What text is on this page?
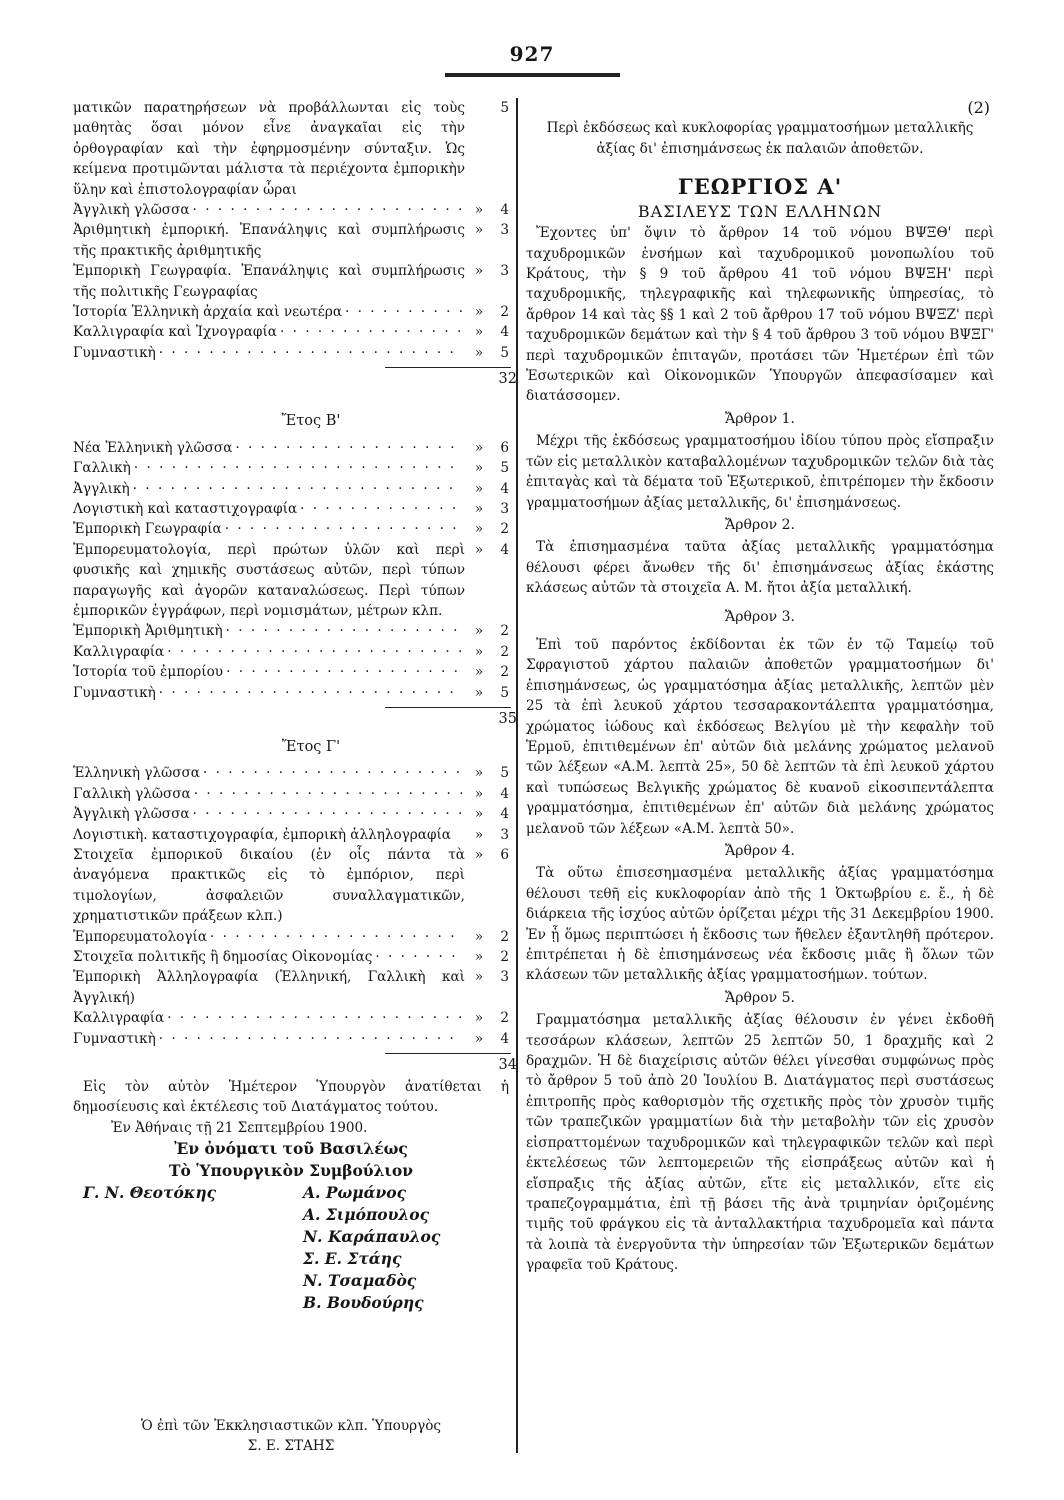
927
ματικῶν παρατηρήσεων νὰ προβάλλωνται εἰς τοὺς μαθητὰς ὅσαι μόνον εἶνε ἀναγκαῖαι εἰς τὴν ὀρθογραφίαν καὶ τὴν ἐφηρμοσμένην σύνταξιν. Ὡς κείμενα προτιμῶνται μάλιστα τὰ περιέχοντα ἐμπορικὴν ὕλην καὶ ἐπιστολογραφίαν ὧραι
5
Ἀγγλικὴ γλῶσσα · · ·	»	4
Ἀριθμητικὴ ἐμπορική. Ἐπανάληψις καὶ συμπλήρωσις τῆς πρακτικῆς ἀριθμητικῆς
»	3
Ἐμπορικὴ Γεωγραφία. Ἐπανάληψις καὶ συμπλήρωσις τῆς πολιτικῆς Γεωγραφίας
»	3
Ἱστορία Ἑλληνικὴ ἀρχαία καὶ νεωτέρα · · ·	»	2
Καλλιγραφία καὶ Ἰχνογραφία · · ·	»	4
Γυμναστικὴ · · ·	»	5
32
Ἔτος Β'
Νέα Ἑλληνικὴ γλῶσσα · · ·	»	6
Γαλλικὴ · · ·	»	5
Ἀγγλικὴ · · ·	»	4
Λογιστικὴ καὶ καταστιχογραφία · · ·	»	3
Ἐμπορικὴ Γεωγραφία · · ·	»	2
Ἐμπορευματολογία, περὶ πρώτων ὑλῶν καὶ περὶ φυσικῆς καὶ χημικῆς συστάσεως αὐτῶν, περὶ τύπων παραγωγῆς καὶ ἀγορῶν καταναλώσεως. Περὶ τύπων ἐμπορικῶν ἐγγράφων, περὶ νομισμάτων, μέτρων κλπ.
»	4
Ἐμπορικὴ Ἀριθμητικὴ · · ·	»	2
Καλλιγραφία · · ·	»	2
Ἱστορία τοῦ ἐμπορίου · · ·	»	2
Γυμναστικὴ · · ·	»	5
35
Ἔτος Γ'
Ἑλληνικὴ γλῶσσα · · ·	»	5
Γαλλικὴ γλῶσσα · · ·	»	4
Ἀγγλικὴ γλῶσσα · · ·	»	4
Λογιστικὴ. καταστιχογραφία, ἐμπορικὴ ἀλληλογραφία	»	3
Στοιχεῖα ἐμπορικοῦ δικαίου (ἐν οἷς πάντα τὰ ἀναγόμενα πρακτικῶς εἰς τὸ ἐμπόριον, περὶ τιμολογίων, ἀσφαλειῶν συναλλαγματικῶν, χρηματιστικῶν πράξεων κλπ.)
»	6
Ἐμπορευματολογία · · ·	»	2
Στοιχεῖα πολιτικῆς ἢ δημοσίας Οἰκονομίας · · ·	»	2
Ἐμπορικὴ Ἀλληλογραφία (Ἑλληνική, Γαλλικὴ καὶ Ἀγγλική)
»	3
Καλλιγραφία · · ·	»	2
Γυμναστικὴ · · ·	»	4
34

Εἰς τὸν αὐτὸν Ἡμέτερον Ὑπουργὸν ἀνατίθεται ἡ δημοσίευσις καὶ ἐκτέλεσις τοῦ Διατάγματος τούτου.

Ἐν Ἀθήναις τῇ 21 Σεπτεμβρίου 1900.

Ἐν ὀνόματι τοῦ Βασιλέως
Τὸ Ὑπουργικὸν Συμβούλιον
Γ. Ν. Θεοτόκης	Α. Ρωμάνος
Α. Σιμόπουλος
Ν. Καράπαυλος
Σ. Ε. Στάης
Ν. Τσαμαδὸς
Β. Βουδούρης
Ὁ ἐπὶ τῶν Ἐκκλησιαστικῶν κλπ. Ὑπουργὸς
Σ. Ε. ΣΤΑΗΣ
(2)

Περὶ ἐκδόσεως καὶ κυκλοφορίας γραμματοσήμων μεταλλικῆς ἀξίας δι' ἐπισημάνσεως ἐκ παλαιῶν ἀποθετῶν.

ΓΕΩΡΓΙΟΣ Α'
ΒΑΣΙΛΕΥΣ ΤΩΝ ΕΛΛΗΝΩΝ

Ἔχοντες ὑπ' ὄψιν τὸ ἄρθρον 14 τοῦ νόμου ΒΨΞΘ' περὶ ταχυδρομικῶν ἐνσήμων καὶ ταχυδρομικοῦ μονοπωλίου τοῦ Κράτους, τὴν § 9 τοῦ ἄρθρου 41 τοῦ νόμου ΒΨΞΗ' περὶ ταχυδρομικῆς, τηλεγραφικῆς καὶ τηλεφωνικῆς ὑπηρεσίας, τὸ ἄρθρον 14 καὶ τὰς §§ 1 καὶ 2 τοῦ ἄρθρου 17 τοῦ νόμου ΒΨΞΖ' περὶ ταχυδρομικῶν δεμάτων καὶ τὴν § 4 τοῦ ἄρθρου 3 τοῦ νόμου ΒΨΞΓ' περὶ ταχυδρομικῶν ἐπιταγῶν, προτάσει τῶν Ἡμετέρων ἐπὶ τῶν Ἐσωτερικῶν καὶ Οἰκονομικῶν Ὑπουργῶν ἀπεφασίσαμεν καὶ διατάσσομεν.

Ἄρθρον 1.

Μέχρι τῆς ἐκδόσεως γραμματοσήμου ἰδίου τύπου πρὸς εἴσπραξιν τῶν εἰς μεταλλικὸν καταβαλλομένων ταχυδρομικῶν τελῶν διὰ τὰς ἐπιταγὰς καὶ τὰ δέματα τοῦ Ἐξωτερικοῦ, ἐπιτρέπομεν τὴν ἔκδοσιν γραμματοσήμων ἀξίας μεταλλικῆς, δι' ἐπισημάνσεως.

Ἄρθρον 2.

Τὰ ἐπισημασμένα ταῦτα ἀξίας μεταλλικῆς γραμματόσημα θέλουσι φέρει ἄνωθεν τῆς δι' ἐπισημάνσεως ἀξίας ἑκάστης κλάσεως αὐτῶν τὰ στοιχεῖα Α. Μ. ἤτοι ἀξία μεταλλική.

Ἄρθρον 3.

Ἐπὶ τοῦ παρόντος ἐκδίδονται ἐκ τῶν ἐν τῷ Ταμείῳ τοῦ Σφραγιστοῦ χάρτου παλαιῶν ἀποθετῶν γραμματοσήμων δι' ἐπισημάνσεως, ὡς γραμματόσημα ἀξίας μεταλλικῆς, λεπτῶν μὲν 25 τὰ ἐπὶ λευκοῦ χάρτου τεσσαρακοντάλεπτα γραμματόσημα, χρώματος ἰώδους καὶ ἐκδόσεως Βελγίου μὲ τὴν κεφαλὴν τοῦ Ἑρμοῦ, ἐπιτιθεμένων ἐπ' αὐτῶν διὰ μελάνης χρώματος μελανοῦ τῶν λέξεων «Α.Μ. λεπτὰ 25», 50 δὲ λεπτῶν τὰ ἐπὶ λευκοῦ χάρτου καὶ τυπώσεως Βελγικῆς χρώματος δὲ κυανοῦ εἰκοσιπεντάλεπτα γραμματόσημα, ἐπιτιθεμένων ἐπ' αὐτῶν διὰ μελάνης χρώματος μελανοῦ τῶν λέξεων «Α.Μ. λεπτὰ 50».

Ἄρθρον 4.

Τὰ οὕτω ἐπισεσημασμένα μεταλλικῆς ἀξίας γραμματόσημα θέλουσι τεθῆ εἰς κυκλοφορίαν ἀπὸ τῆς 1 Ὀκτωβρίου ε. ἔ., ἡ δὲ διάρκεια τῆς ἰσχύος αὐτῶν ὁρίζεται μέχρι τῆς 31 Δεκεμβρίου 1900. Ἐν ᾗ ὅμως περιπτώσει ἡ ἔκδοσις των ἤθελεν ἐξαντληθῆ πρότερον. ἐπιτρέπεται ἡ δὲ ἐπισημάνσεως νέα ἔκδοσις μιᾶς ἢ ὅλων τῶν κλάσεων τῶν μεταλλικῆς ἀξίας γραμματοσήμων. τούτων.

Ἄρθρον 5.

Γραμματόσημα μεταλλικῆς ἀξίας θέλουσιν ἐν γένει ἐκδοθῆ τεσσάρων κλάσεων, λεπτῶν 25 λεπτῶν 50, 1 δραχμῆς καὶ 2 δραχμῶν. Ἡ δὲ διαχείρισις αὐτῶν θέλει γίνεσθαι συμφώνως πρὸς τὸ ἄρθρον 5 τοῦ ἀπὸ 20 Ἰουλίου Β. Διατάγματος περὶ συστάσεως ἐπιτροπῆς πρὸς καθορισμὸν τῆς σχετικῆς πρὸς τὸν χρυσὸν τιμῆς τῶν τραπεζικῶν γραμματίων διὰ τὴν μεταβολὴν τῶν εἰς χρυσὸν εἰσπραττομένων ταχυδρομικῶν καὶ τηλεγραφικῶν τελῶν καὶ περὶ ἐκτελέσεως τῶν λεπτομερειῶν τῆς εἰσπράξεως αὐτῶν καὶ ἡ εἴσπραξις τῆς ἀξίας αὐτῶν, εἴτε εἰς μεταλλικόν, εἴτε εἰς τραπεζογραμμάτια, ἐπὶ τῇ βάσει τῆς ἀνὰ τριμηνίαν ὁριζομένης τιμῆς τοῦ φράγκου εἰς τὰ ἀνταλλακτήρια ταχυδρομεῖα καὶ πάντα τὰ λοιπὰ τὰ ἐνεργοῦντα τὴν ὑπηρεσίαν τῶν Ἐξωτερικῶν δεμάτων γραφεῖα τοῦ Κράτους.
